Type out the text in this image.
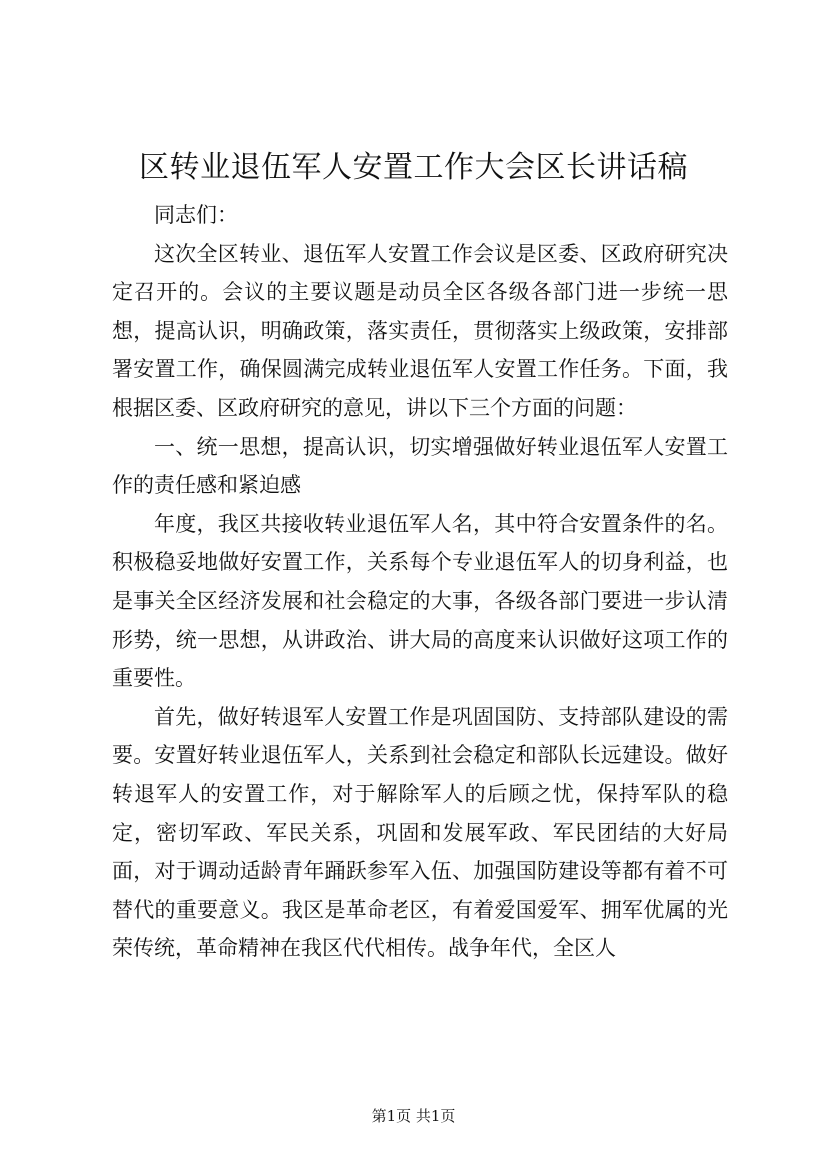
区转业退伍军人安置工作大会区长讲话稿

同志们：

这次全区转业、退伍军人安置工作会议是区委、区政府研究决定召开的。会议的主要议题是动员全区各级各部门进一步统一思想，提高认识，明确政策，落实责任，贯彻落实上级政策，安排部署安置工作，确保圆满完成转业退伍军人安置工作任务。下面，我根据区委、区政府研究的意见，讲以下三个方面的问题：

一、统一思想，提高认识，切实增强做好转业退伍军人安置工作的责任感和紧迫感

年度，我区共接收转业退伍军人名，其中符合安置条件的名。积极稳妥地做好安置工作，关系每个专业退伍军人的切身利益，也是事关全区经济发展和社会稳定的大事，各级各部门要进一步认清形势，统一思想，从讲政治、讲大局的高度来认识做好这项工作的重要性。

首先，做好转退军人安置工作是巩固国防、支持部队建设的需要。安置好转业退伍军人，关系到社会稳定和部队长远建设。做好转退军人的安置工作，对于解除军人的后顾之忧，保持军队的稳定，密切军政、军民关系，巩固和发展军政、军民团结的大好局面，对于调动适龄青年踊跃参军入伍、加强国防建设等都有着不可替代的重要意义。我区是革命老区，有着爱国爱军、拥军优属的光荣传统，革命精神在我区代代相传。战争年代，全区人

第1页 共1页
